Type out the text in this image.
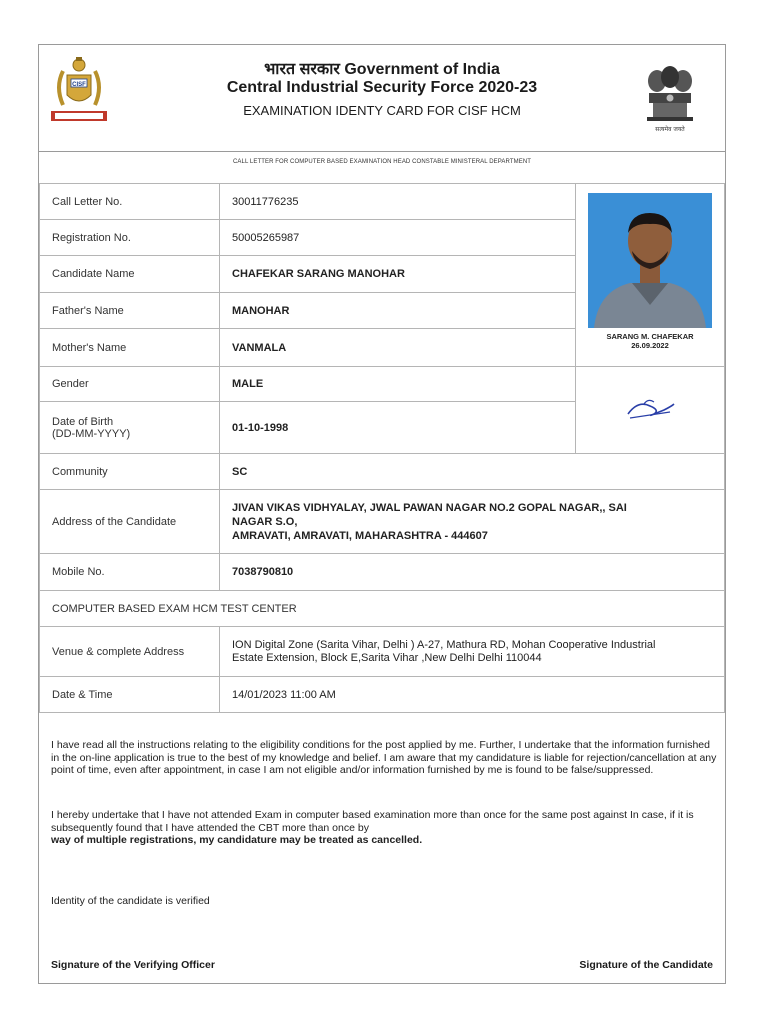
CISF
भारत सरकार Government of India
Central Industrial Security Force 2020-23
EXAMINATION IDENTY CARD FOR CISF HCM
सत्यमेव जयते
CALL LETTER FOR COMPUTER BASED EXAMINATION HEAD CONSTABLE MINISTERAL DEPARTMENT
Call Letter No.	30011776235	SARANG M. CHAFEKAR
26.09.2022

Registration No.	50005265987	
Candidate Name	CHAFEKAR SARANG MANOHAR	
Father's Name	MANOHAR	
Mother's Name	VANMALA	
Gender	MALE	

Date of Birth
(DD-MM-YYYY)	01-10-1998	
Community	SC	
Address of the Candidate	JIVAN VIKAS VIDHYALAY, JWAL PAWAN NAGAR NO.2 GOPAL NAGAR,, SAI
NAGAR S.O,
AMRAVATI, AMRAVATI, MAHARASHTRA - 444607	

Mobile No.	7038790810	
COMPUTER BASED EXAM HCM TEST CENTER		
Venue & complete Address	ION Digital Zone (Sarita Vihar, Delhi ) A-27, Mathura RD, Mohan Cooperative Industrial
Estate Extension, Block E,Sarita Vihar ,New Delhi Delhi 110044	

Date & Time	14/01/2023 11:00 AM	
I have read all the instructions relating to the eligibility conditions for the post applied by me. Further, I undertake that the information furnished in the on-line application is true to the best of my knowledge and belief. I am aware that my candidature is liable for rejection/cancellation at any point of time, even after appointment, in case I am not eligible and/or information furnished by me is found to be false/suppressed.
I hereby undertake that I have not attended Exam in computer based examination more than once for the same post against In case, if it is subsequently found that I have attended the CBT more than once by
way of multiple registrations, my candidature may be treated as cancelled.
Identity of the candidate is verified
Signature of the Verifying Officer	Signature of the Candidate
